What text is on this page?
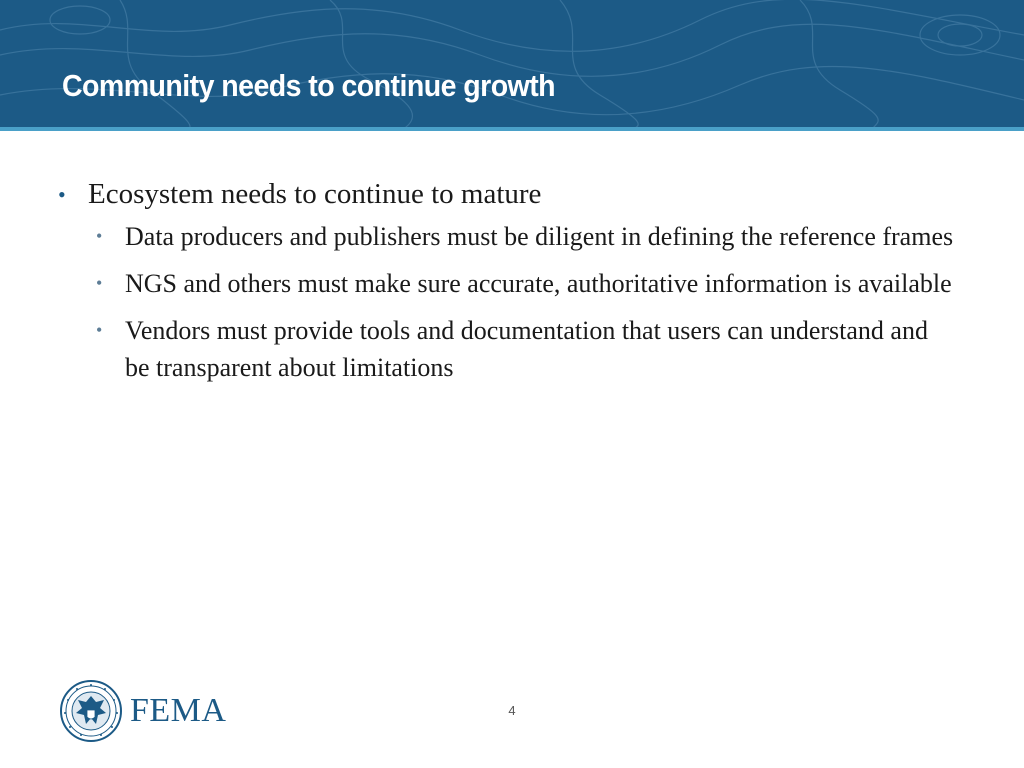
Community needs to continue growth
• Ecosystem needs to continue to mature
• Data producers and publishers must be diligent in defining the reference frames
• NGS and others must make sure accurate, authoritative information is available
• Vendors must provide tools and documentation that users can understand and be transparent about limitations
FEMA	4
